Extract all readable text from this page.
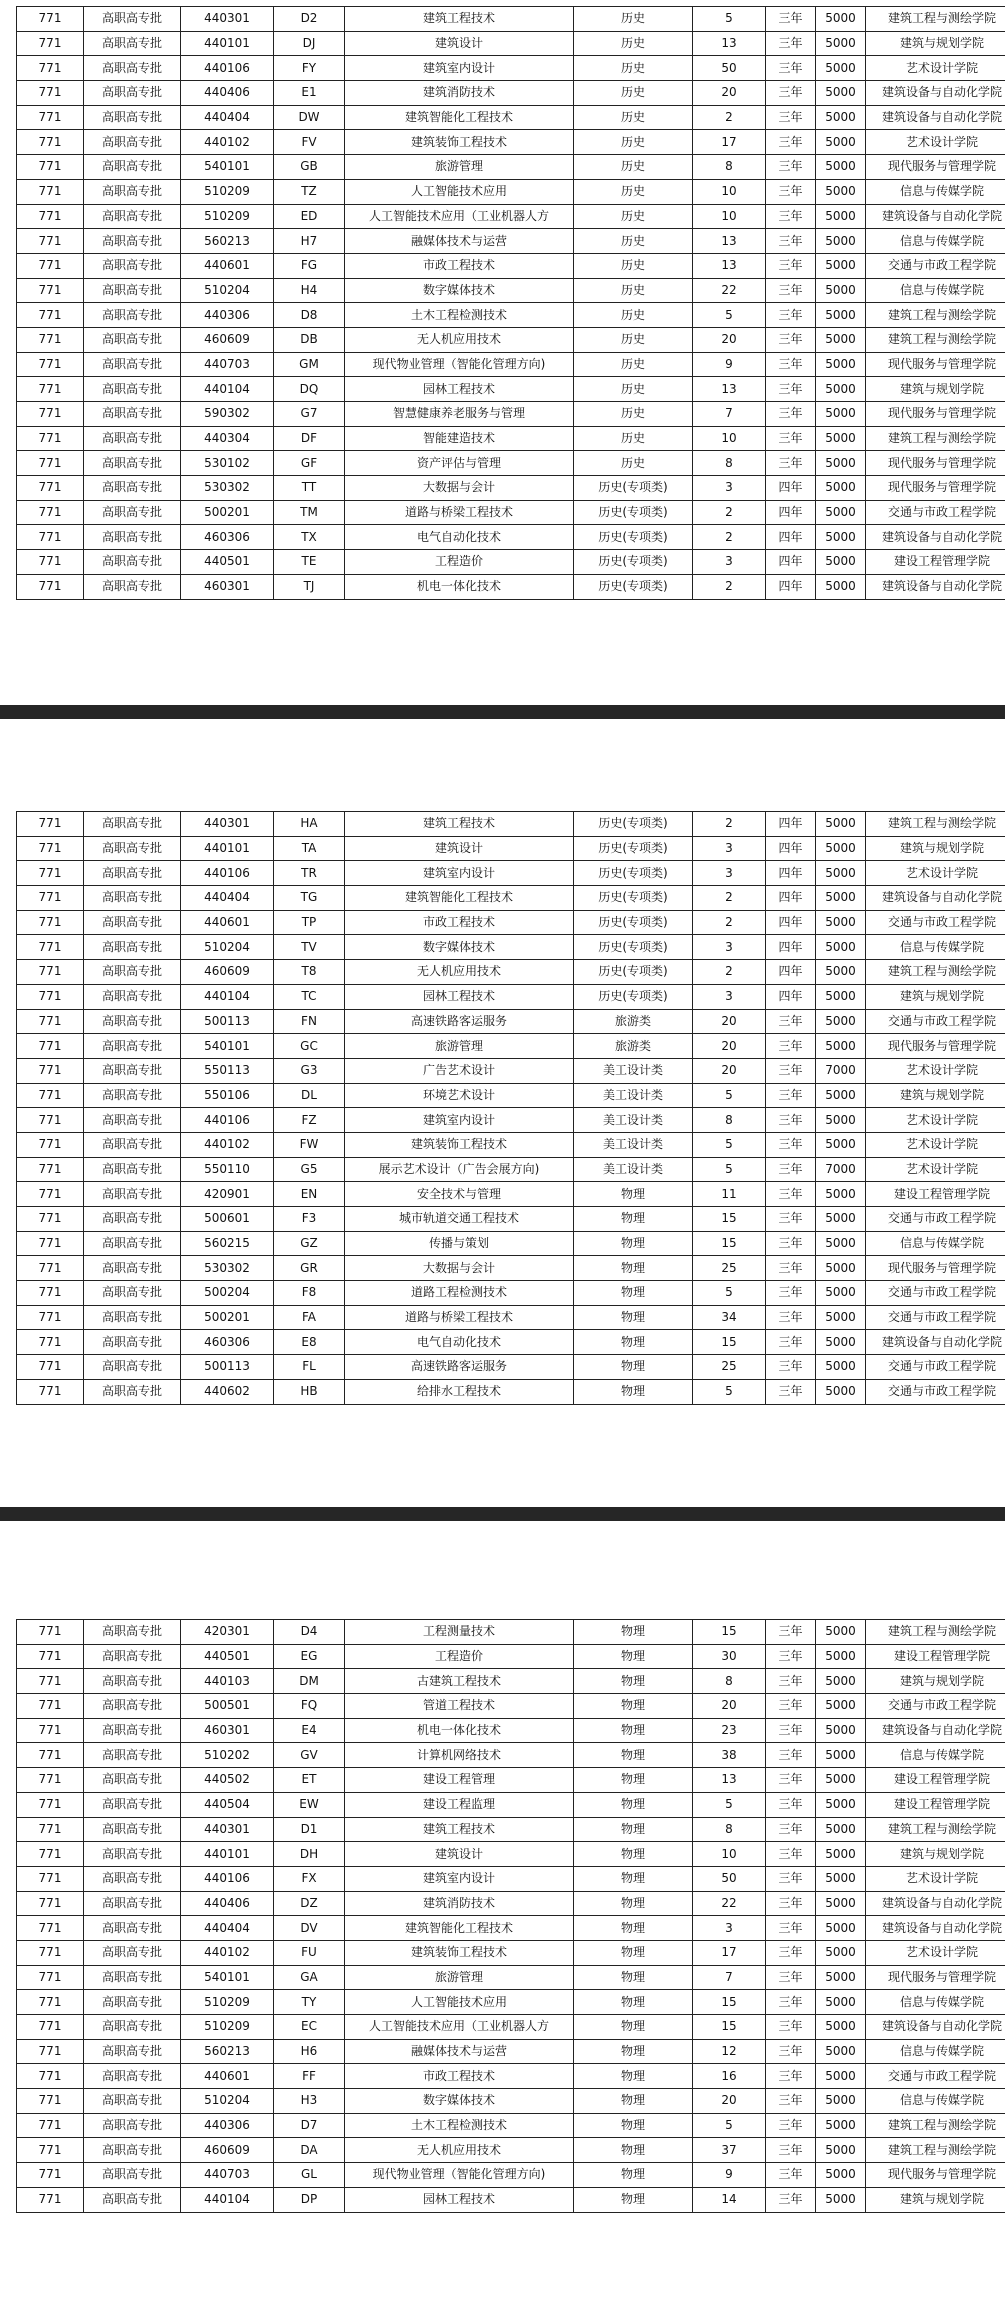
771	高职高专批	440301	D2	建筑工程技术	历史	5	三年	5000	建筑工程与测绘学院
771	高职高专批	440101	DJ	建筑设计	历史	13	三年	5000	建筑与规划学院
771	高职高专批	440106	FY	建筑室内设计	历史	50	三年	5000	艺术设计学院
771	高职高专批	440406	E1	建筑消防技术	历史	20	三年	5000	建筑设备与自动化学院
771	高职高专批	440404	DW	建筑智能化工程技术	历史	2	三年	5000	建筑设备与自动化学院
771	高职高专批	440102	FV	建筑装饰工程技术	历史	17	三年	5000	艺术设计学院
771	高职高专批	540101	GB	旅游管理	历史	8	三年	5000	现代服务与管理学院
771	高职高专批	510209	TZ	人工智能技术应用	历史	10	三年	5000	信息与传媒学院
771	高职高专批	510209	ED	人工智能技术应用（工业机器人方	历史	10	三年	5000	建筑设备与自动化学院
771	高职高专批	560213	H7	融媒体技术与运营	历史	13	三年	5000	信息与传媒学院
771	高职高专批	440601	FG	市政工程技术	历史	13	三年	5000	交通与市政工程学院
771	高职高专批	510204	H4	数字媒体技术	历史	22	三年	5000	信息与传媒学院
771	高职高专批	440306	D8	土木工程检测技术	历史	5	三年	5000	建筑工程与测绘学院
771	高职高专批	460609	DB	无人机应用技术	历史	20	三年	5000	建筑工程与测绘学院
771	高职高专批	440703	GM	现代物业管理（智能化管理方向)	历史	9	三年	5000	现代服务与管理学院
771	高职高专批	440104	DQ	园林工程技术	历史	13	三年	5000	建筑与规划学院
771	高职高专批	590302	G7	智慧健康养老服务与管理	历史	7	三年	5000	现代服务与管理学院
771	高职高专批	440304	DF	智能建造技术	历史	10	三年	5000	建筑工程与测绘学院
771	高职高专批	530102	GF	资产评估与管理	历史	8	三年	5000	现代服务与管理学院
771	高职高专批	530302	TT	大数据与会计	历史(专项类)	3	四年	5000	现代服务与管理学院
771	高职高专批	500201	TM	道路与桥梁工程技术	历史(专项类)	2	四年	5000	交通与市政工程学院
771	高职高专批	460306	TX	电气自动化技术	历史(专项类)	2	四年	5000	建筑设备与自动化学院
771	高职高专批	440501	TE	工程造价	历史(专项类)	3	四年	5000	建设工程管理学院
771	高职高专批	460301	TJ	机电一体化技术	历史(专项类)	2	四年	5000	建筑设备与自动化学院
771	高职高专批	440301	HA	建筑工程技术	历史(专项类)	2	四年	5000	建筑工程与测绘学院
771	高职高专批	440101	TA	建筑设计	历史(专项类)	3	四年	5000	建筑与规划学院
771	高职高专批	440106	TR	建筑室内设计	历史(专项类)	3	四年	5000	艺术设计学院
771	高职高专批	440404	TG	建筑智能化工程技术	历史(专项类)	2	四年	5000	建筑设备与自动化学院
771	高职高专批	440601	TP	市政工程技术	历史(专项类)	2	四年	5000	交通与市政工程学院
771	高职高专批	510204	TV	数字媒体技术	历史(专项类)	3	四年	5000	信息与传媒学院
771	高职高专批	460609	T8	无人机应用技术	历史(专项类)	2	四年	5000	建筑工程与测绘学院
771	高职高专批	440104	TC	园林工程技术	历史(专项类)	3	四年	5000	建筑与规划学院
771	高职高专批	500113	FN	高速铁路客运服务	旅游类	20	三年	5000	交通与市政工程学院
771	高职高专批	540101	GC	旅游管理	旅游类	20	三年	5000	现代服务与管理学院
771	高职高专批	550113	G3	广告艺术设计	美工设计类	20	三年	7000	艺术设计学院
771	高职高专批	550106	DL	环境艺术设计	美工设计类	5	三年	5000	建筑与规划学院
771	高职高专批	440106	FZ	建筑室内设计	美工设计类	8	三年	5000	艺术设计学院
771	高职高专批	440102	FW	建筑装饰工程技术	美工设计类	5	三年	5000	艺术设计学院
771	高职高专批	550110	G5	展示艺术设计（广告会展方向)	美工设计类	5	三年	7000	艺术设计学院
771	高职高专批	420901	EN	安全技术与管理	物理	11	三年	5000	建设工程管理学院
771	高职高专批	500601	F3	城市轨道交通工程技术	物理	15	三年	5000	交通与市政工程学院
771	高职高专批	560215	GZ	传播与策划	物理	15	三年	5000	信息与传媒学院
771	高职高专批	530302	GR	大数据与会计	物理	25	三年	5000	现代服务与管理学院
771	高职高专批	500204	F8	道路工程检测技术	物理	5	三年	5000	交通与市政工程学院
771	高职高专批	500201	FA	道路与桥梁工程技术	物理	34	三年	5000	交通与市政工程学院
771	高职高专批	460306	E8	电气自动化技术	物理	15	三年	5000	建筑设备与自动化学院
771	高职高专批	500113	FL	高速铁路客运服务	物理	25	三年	5000	交通与市政工程学院
771	高职高专批	440602	HB	给排水工程技术	物理	5	三年	5000	交通与市政工程学院
771	高职高专批	420301	D4	工程测量技术	物理	15	三年	5000	建筑工程与测绘学院
771	高职高专批	440501	EG	工程造价	物理	30	三年	5000	建设工程管理学院
771	高职高专批	440103	DM	古建筑工程技术	物理	8	三年	5000	建筑与规划学院
771	高职高专批	500501	FQ	管道工程技术	物理	20	三年	5000	交通与市政工程学院
771	高职高专批	460301	E4	机电一体化技术	物理	23	三年	5000	建筑设备与自动化学院
771	高职高专批	510202	GV	计算机网络技术	物理	38	三年	5000	信息与传媒学院
771	高职高专批	440502	ET	建设工程管理	物理	13	三年	5000	建设工程管理学院
771	高职高专批	440504	EW	建设工程监理	物理	5	三年	5000	建设工程管理学院
771	高职高专批	440301	D1	建筑工程技术	物理	8	三年	5000	建筑工程与测绘学院
771	高职高专批	440101	DH	建筑设计	物理	10	三年	5000	建筑与规划学院
771	高职高专批	440106	FX	建筑室内设计	物理	50	三年	5000	艺术设计学院
771	高职高专批	440406	DZ	建筑消防技术	物理	22	三年	5000	建筑设备与自动化学院
771	高职高专批	440404	DV	建筑智能化工程技术	物理	3	三年	5000	建筑设备与自动化学院
771	高职高专批	440102	FU	建筑装饰工程技术	物理	17	三年	5000	艺术设计学院
771	高职高专批	540101	GA	旅游管理	物理	7	三年	5000	现代服务与管理学院
771	高职高专批	510209	TY	人工智能技术应用	物理	15	三年	5000	信息与传媒学院
771	高职高专批	510209	EC	人工智能技术应用（工业机器人方	物理	15	三年	5000	建筑设备与自动化学院
771	高职高专批	560213	H6	融媒体技术与运营	物理	12	三年	5000	信息与传媒学院
771	高职高专批	440601	FF	市政工程技术	物理	16	三年	5000	交通与市政工程学院
771	高职高专批	510204	H3	数字媒体技术	物理	20	三年	5000	信息与传媒学院
771	高职高专批	440306	D7	土木工程检测技术	物理	5	三年	5000	建筑工程与测绘学院
771	高职高专批	460609	DA	无人机应用技术	物理	37	三年	5000	建筑工程与测绘学院
771	高职高专批	440703	GL	现代物业管理（智能化管理方向)	物理	9	三年	5000	现代服务与管理学院
771	高职高专批	440104	DP	园林工程技术	物理	14	三年	5000	建筑与规划学院
